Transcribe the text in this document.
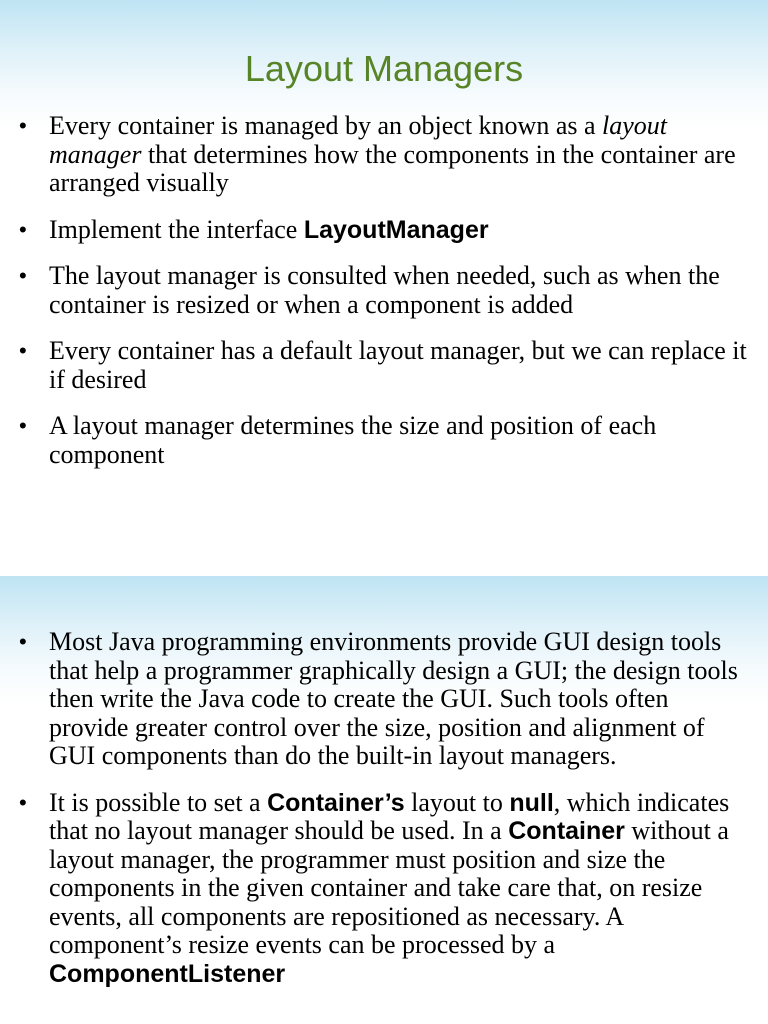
Layout Managers
• Every container is managed by an object known as a layout manager that determines how the components in the container are arranged visually
• Implement the interface LayoutManager
• The layout manager is consulted when needed, such as when the container is resized or when a component is added
• Every container has a default layout manager, but we can replace it if desired
• A layout manager determines the size and position of each component
• Most Java programming environments provide GUI design tools that help a programmer graphically design a GUI; the design tools then write the Java code to create the GUI. Such tools often provide greater control over the size, position and alignment of GUI components than do the built-in layout managers.
• It is possible to set a Container’s layout to null, which indicates that no layout manager should be used. In a Container without a layout manager, the programmer must position and size the components in the given container and take care that, on resize events, all components are repositioned as necessary. A component’s resize events can be processed by a ComponentListener
